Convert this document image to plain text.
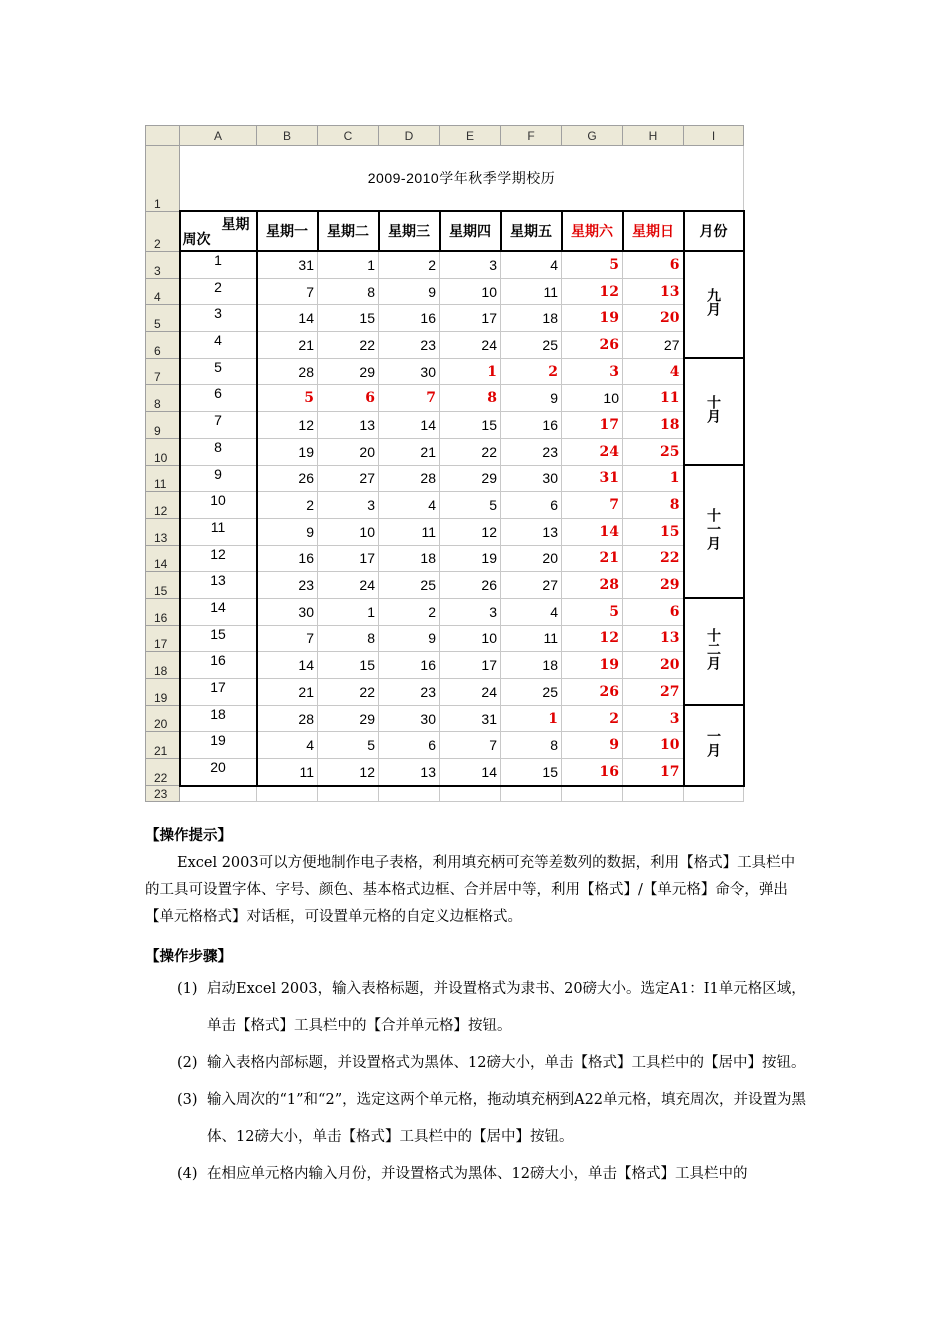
	A	B	C	D	E	F	G	H	I
1	2009-2010学年秋季学期校历								
2	星期
周次	星期一	星期二	星期三	星期四	星期五	星期六	星期日	月份
3	1	31	1	2	3	4	5	6	九月
4	2	7	8	9	10	11	12	13	
5	3	14	15	16	17	18	19	20	
6	4	21	22	23	24	25	26	27	
7	5	28	29	30	1	2	3	4	十月
8	6	5	6	7	8	9	10	11	
9	7	12	13	14	15	16	17	18	
10	8	19	20	21	22	23	24	25	
11	9	26	27	28	29	30	31	1	十一月
12	10	2	3	4	5	6	7	8	
13	11	9	10	11	12	13	14	15	
14	12	16	17	18	19	20	21	22	
15	13	23	24	25	26	27	28	29	
16	14	30	1	2	3	4	5	6	十二月
17	15	7	8	9	10	11	12	13	
18	16	14	15	16	17	18	19	20	
19	17	21	22	23	24	25	26	27	
20	18	28	29	30	31	1	2	3	一月
21	19	4	5	6	7	8	9	10	
22	20	11	12	13	14	15	16	17	
23									
【操作提示】
Excel 2003可以方便地制作电子表格，利用填充柄可充等差数列的数据，利用【格式】工具栏中的工具可设置字体、字号、颜色、基本格式边框、合并居中等，利用【格式】/【单元格】命令，弹出【单元格格式】对话框，可设置单元格的自定义边框格式。
【操作步骤】
(1) 启动Excel 2003，输入表格标题，并设置格式为隶书、20磅大小。选定A1：I1单元格区域，单击【格式】工具栏中的【合并单元格】按钮。
(2) 输入表格内部标题，并设置格式为黑体、12磅大小，单击【格式】工具栏中的【居中】按钮。
(3) 输入周次的“1”和“2”，选定这两个单元格，拖动填充柄到A22单元格，填充周次，并设置为黑体、12磅大小，单击【格式】工具栏中的【居中】按钮。
(4) 在相应单元格内输入月份，并设置格式为黑体、12磅大小，单击【格式】工具栏中的
